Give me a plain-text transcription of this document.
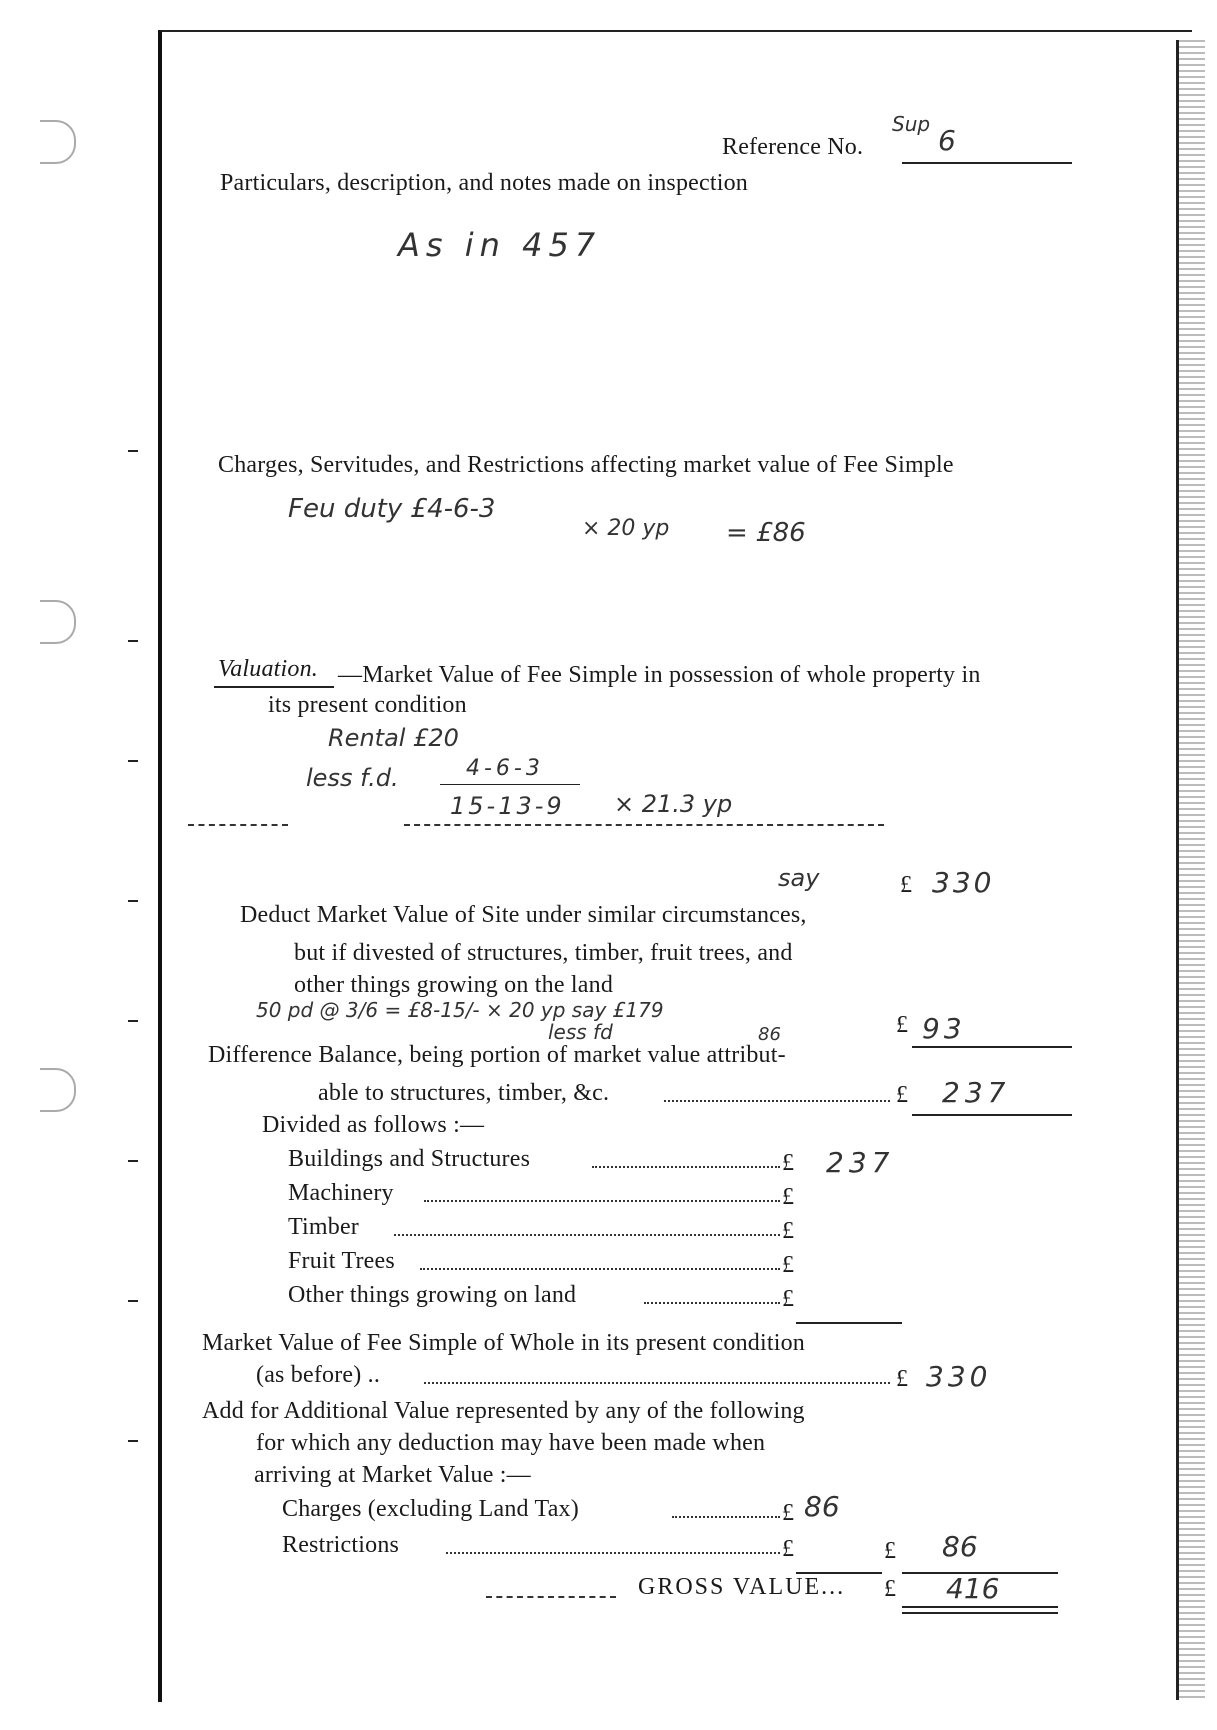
Sup
Reference No.	6
Particulars, description, and notes made on inspection
As in 457
Charges, Servitudes, and Restrictions affecting market value of Fee Simple
Feu duty £4-6-3
× 20 yp = £86
Valuation. —Market Value of Fee Simple in possession of whole property in
its present condition
Rental £20
less f.d.	4-6-3
15-13-9 × 21.3 yp
say	£ 330
Deduct Market Value of Site under similar circumstances,
but if divested of structures, timber, fruit trees, and
other things growing on the land
50 pd @ 3/6 = £8-15/- × 20 yp say £179
less fd	86	£ 93
Difference Balance, being portion of market value attribut-
able to structures, timber, &c.	£ 237
Divided as follows :—
Buildings and Structures	£ 237
Machinery	£
Timber	£
Fruit Trees	£
Other things growing on land	£
Market Value of Fee Simple of Whole in its present condition
(as before) ..	£ 330
Add for Additional Value represented by any of the following
for which any deduction may have been made when
arriving at Market Value :—
Charges (excluding Land Tax)	£ 86
Restrictions	£	£ 86
GROSS VALUE... £ 416
